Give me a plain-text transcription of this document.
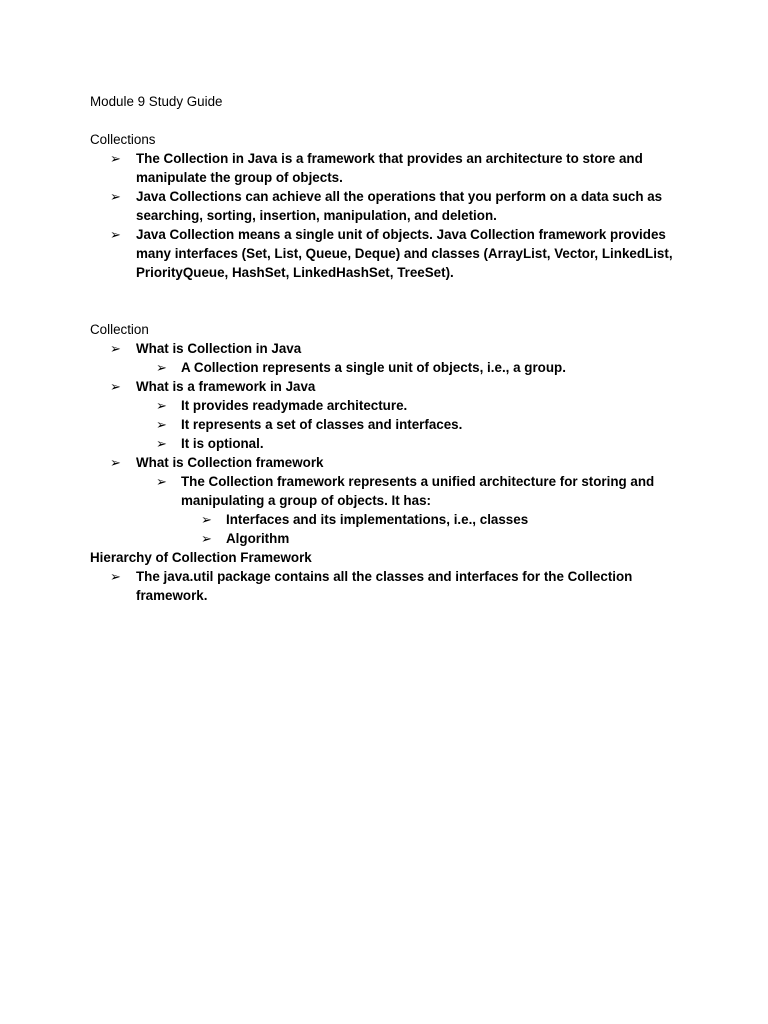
Module 9 Study Guide
Collections
➢ The Collection in Java is a framework that provides an architecture to store and manipulate the group of objects.
➢ Java Collections can achieve all the operations that you perform on a data such as searching, sorting, insertion, manipulation, and deletion.
➢ Java Collection means a single unit of objects. Java Collection framework provides many interfaces (Set, List, Queue, Deque) and classes (ArrayList, Vector, LinkedList, PriorityQueue, HashSet, LinkedHashSet, TreeSet).
Collection
➢ What is Collection in Java
➢ A Collection represents a single unit of objects, i.e., a group.
➢ What is a framework in Java
➢ It provides readymade architecture.
➢ It represents a set of classes and interfaces.
➢ It is optional.
➢ What is Collection framework
➢ The Collection framework represents a unified architecture for storing and manipulating a group of objects. It has:
➢ Interfaces and its implementations, i.e., classes
➢ Algorithm
Hierarchy of Collection Framework
➢ The java.util package contains all the classes and interfaces for the Collection framework.
